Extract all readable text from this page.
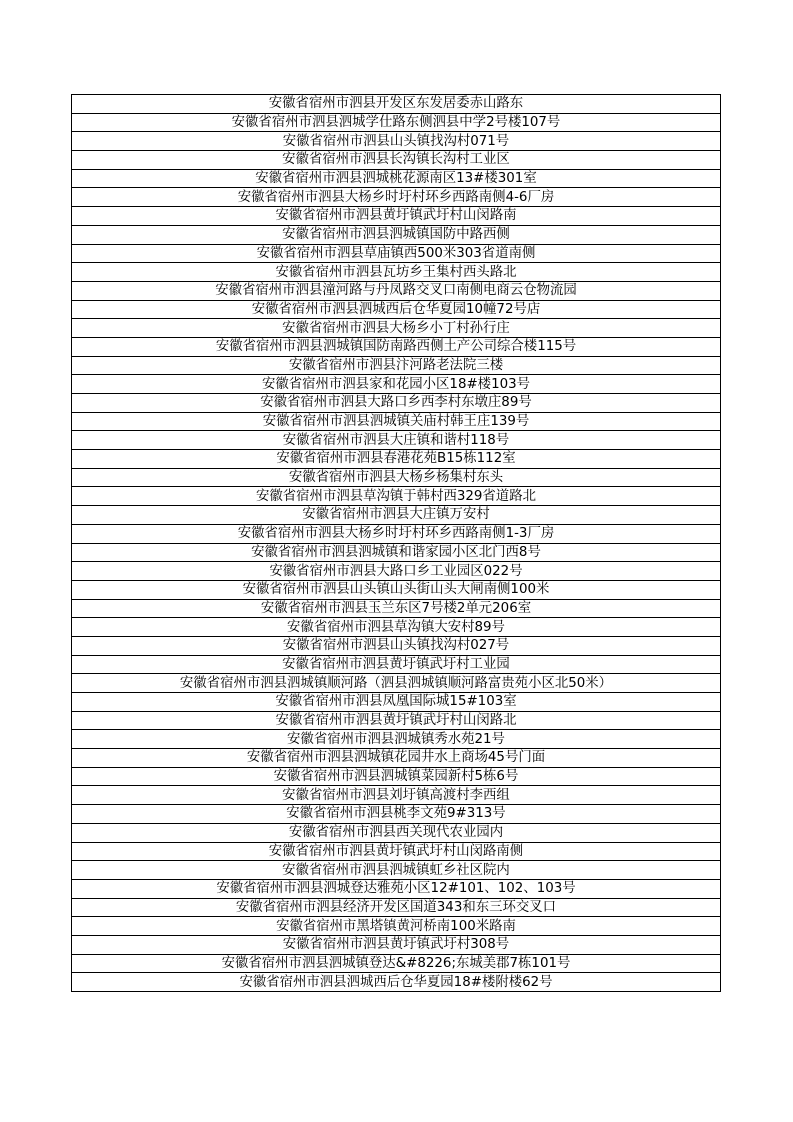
安徽省宿州市泗县开发区东发居委赤山路东
安徽省宿州市泗县泗城学仕路东侧泗县中学2号楼107号
安徽省宿州市泗县山头镇找沟村071号
安徽省宿州市泗县长沟镇长沟村工业区
安徽省宿州市泗县泗城桃花源南区13#楼301室
安徽省宿州市泗县大杨乡时圩村环乡西路南侧4-6厂房
安徽省宿州市泗县黄圩镇武圩村山闵路南
安徽省宿州市泗县泗城镇国防中路西侧
安徽省宿州市泗县草庙镇西500米303省道南侧
安徽省宿州市泗县瓦坊乡王集村西头路北
安徽省宿州市泗县潼河路与丹凤路交叉口南侧电商云仓物流园
安徽省宿州市泗县泗城西后仓华夏园10幢72号店
安徽省宿州市泗县大杨乡小丁村孙行庄
安徽省宿州市泗县泗城镇国防南路西侧土产公司综合楼115号
安徽省宿州市泗县汴河路老法院三楼
安徽省宿州市泗县家和花园小区18#楼103号
安徽省宿州市泗县大路口乡西李村东墩庄89号
安徽省宿州市泗县泗城镇关庙村韩王庄139号
安徽省宿州市泗县大庄镇和谐村118号
安徽省宿州市泗县春港花苑B15栋112室
安徽省宿州市泗县大杨乡杨集村东头
安徽省宿州市泗县草沟镇于韩村西329省道路北
安徽省宿州市泗县大庄镇万安村
安徽省宿州市泗县大杨乡时圩村环乡西路南侧1-3厂房
安徽省宿州市泗县泗城镇和谐家园小区北门西8号
安徽省宿州市泗县大路口乡工业园区022号
安徽省宿州市泗县山头镇山头街山头大闸南侧100米
安徽省宿州市泗县玉兰东区7号楼2单元206室
安徽省宿州市泗县草沟镇大安村89号
安徽省宿州市泗县山头镇找沟村027号
安徽省宿州市泗县黄圩镇武圩村工业园
安徽省宿州市泗县泗城镇顺河路（泗县泗城镇顺河路富贵苑小区北50米）
安徽省宿州市泗县凤凰国际城15#103室
安徽省宿州市泗县黄圩镇武圩村山闵路北
安徽省宿州市泗县泗城镇秀水苑21号
安徽省宿州市泗县泗城镇花园井水上商场45号门面
安徽省宿州市泗县泗城镇菜园新村5栋6号
安徽省宿州市泗县刘圩镇高渡村李西组
安徽省宿州市泗县桃李文苑9#313号
安徽省宿州市泗县西关现代农业园内
安徽省宿州市泗县黄圩镇武圩村山闵路南侧
安徽省宿州市泗县泗城镇虹乡社区院内
安徽省宿州市泗县泗城登达雅苑小区12#101、102、103号
安徽省宿州市泗县经济开发区国道343和东三环交叉口
安徽省宿州市黑塔镇黄河桥南100米路南
安徽省宿州市泗县黄圩镇武圩村308号
安徽省宿州市泗县泗城镇登达&#8226;东城美郡7栋101号
安徽省宿州市泗县泗城西后仓华夏园18#楼附楼62号
